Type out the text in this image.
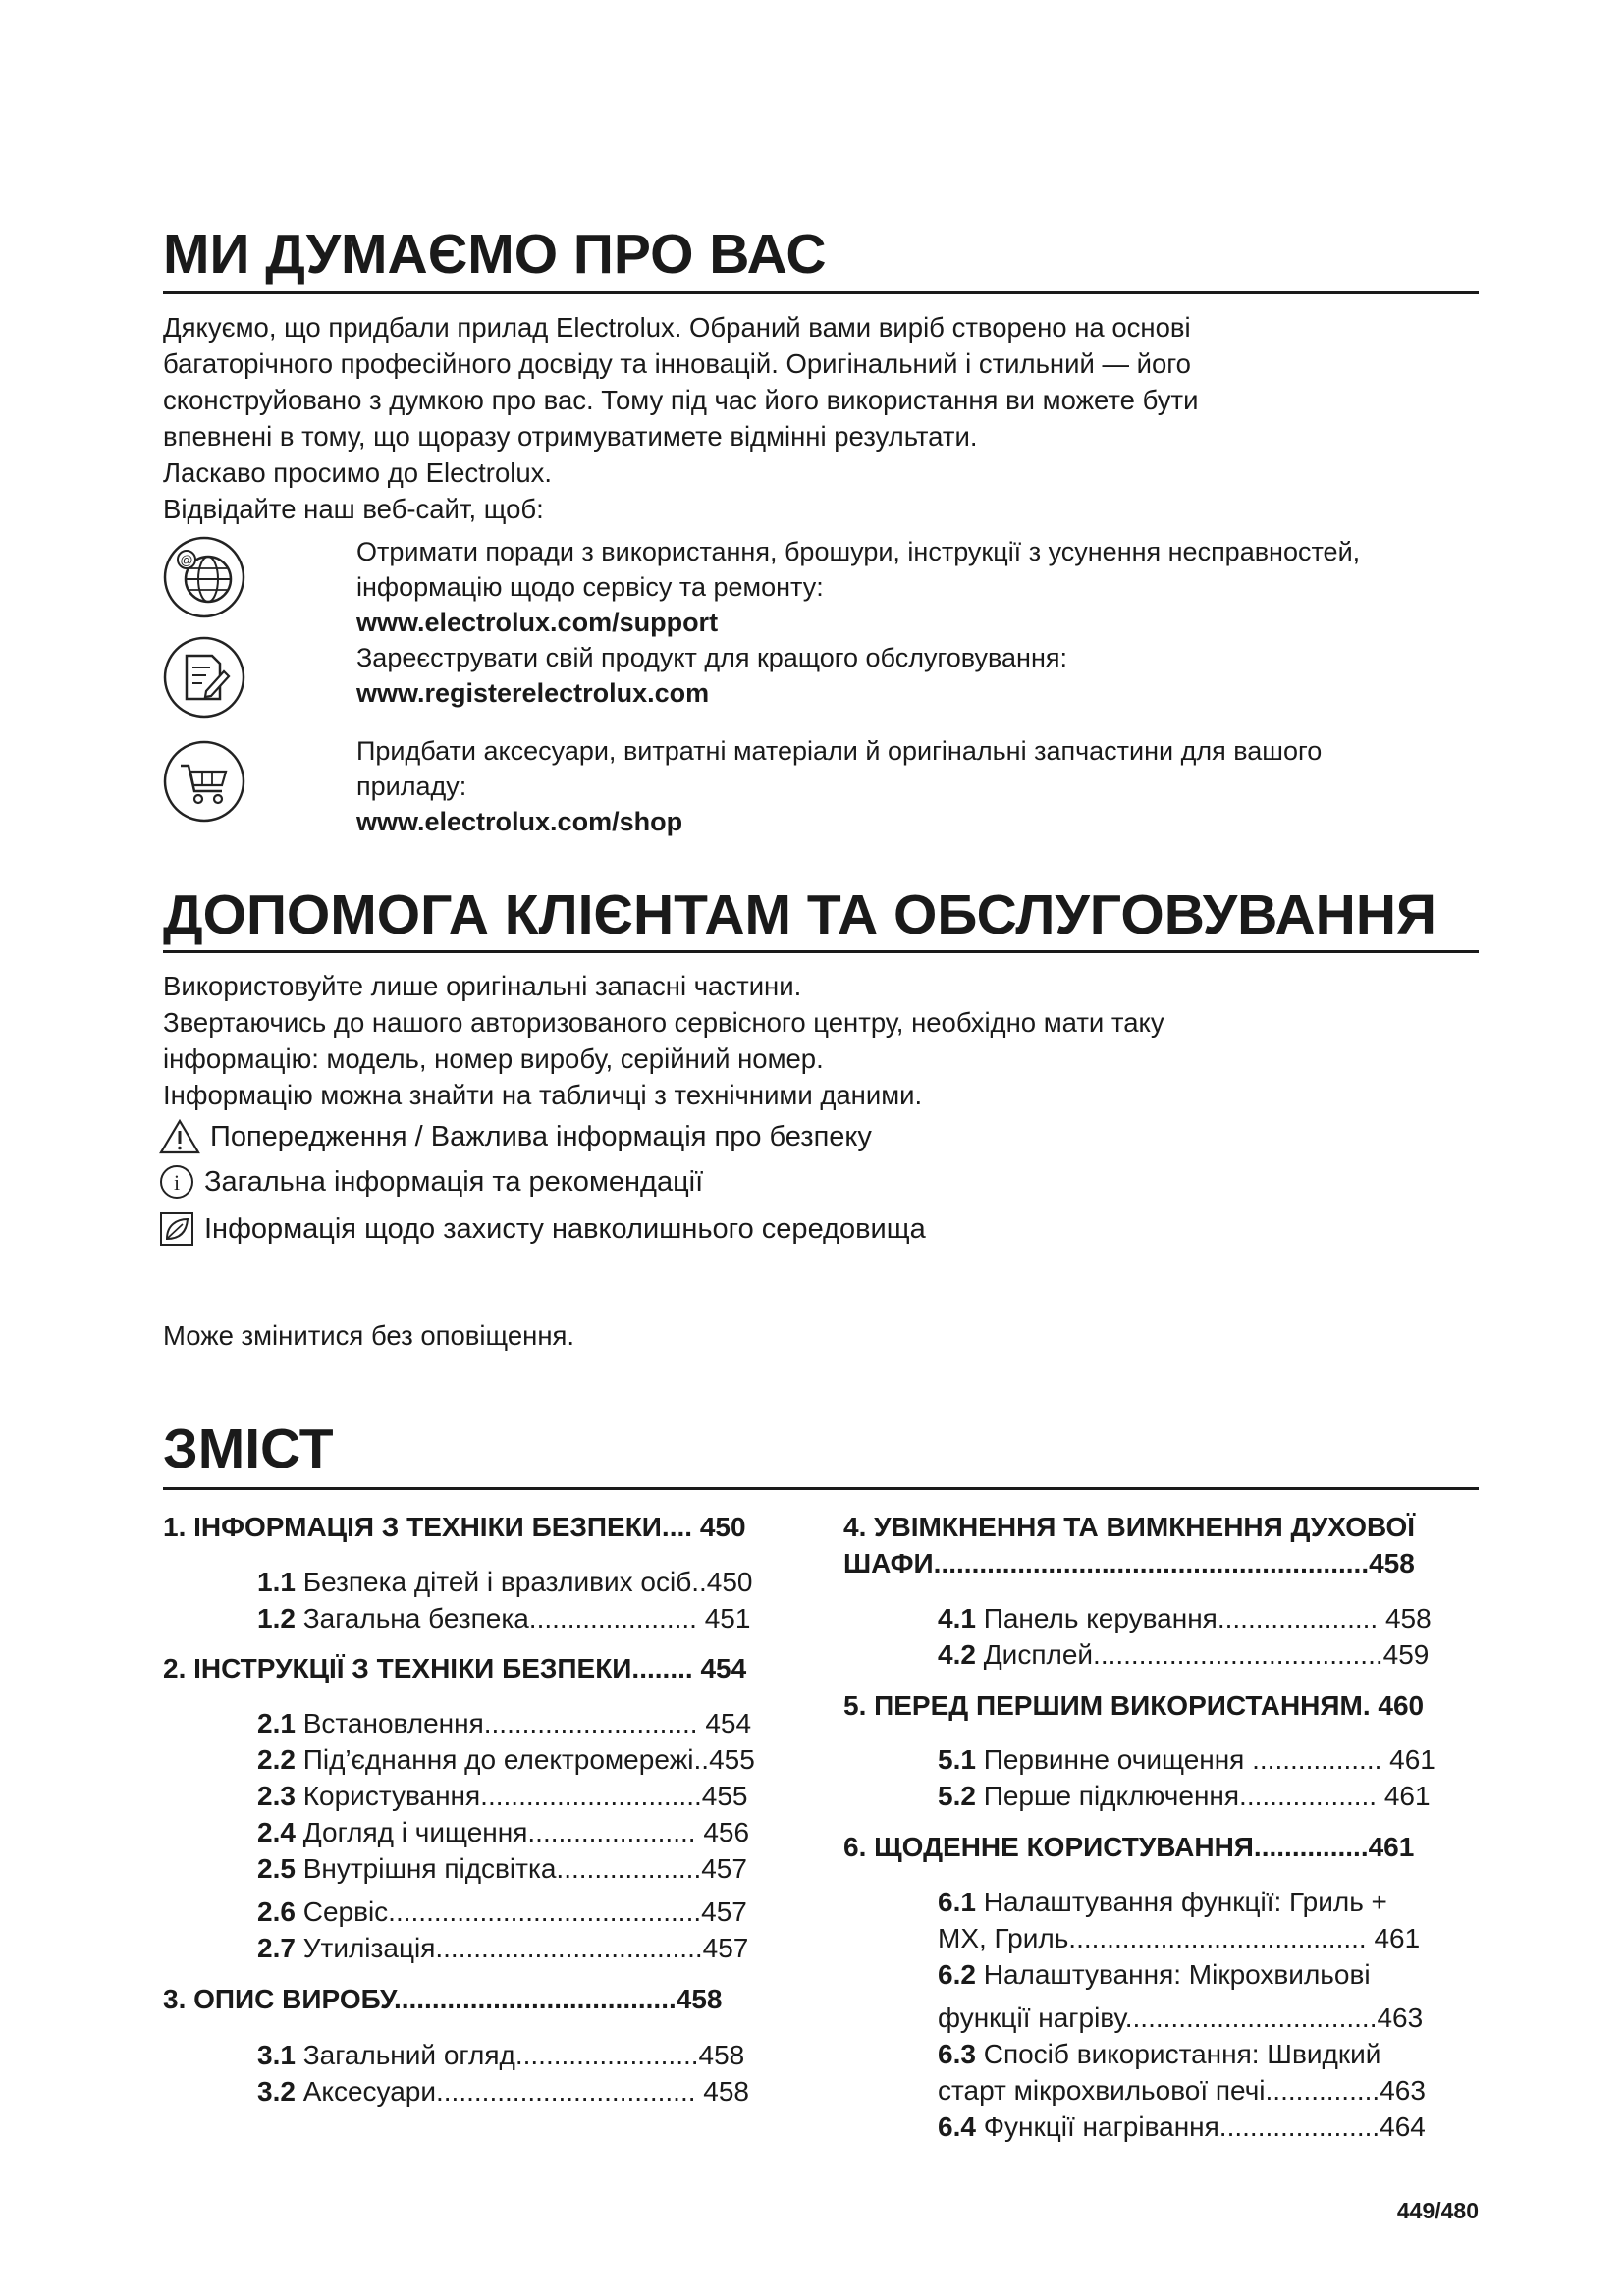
МИ ДУМАЄМО ПРО ВАС
Дякуємо, що придбали прилад Electrolux. Обраний вами виріб створено на основі
багаторічного професійного досвіду та інновацій. Оригінальний і стильний — його
сконструйовано з думкою про вас. Тому під час його використання ви можете бути
впевнені в тому, що щоразу отримуватимете відмінні результати.
Ласкаво просимо до Electrolux.
Відвідайте наш веб-сайт, щоб:
@	Отримати поради з використання, брошури, інструкції з усунення несправностей,
інформацію щодо сервісу та ремонту:
www.electrolux.com/support
Зареєструвати свій продукт для кращого обслуговування:
www.registerelectrolux.com
Придбати аксесуари, витратні матеріали й оригінальні запчастини для вашого
приладу:
www.electrolux.com/shop
ДОПОМОГА КЛІЄНТАМ ТА ОБСЛУГОВУВАННЯ
Використовуйте лише оригінальні запасні частини.
Звертаючись до нашого авторизованого сервісного центру, необхідно мати таку
інформацію: модель, номер виробу, серійний номер.
Інформацію можна знайти на табличці з технічними даними.
Попередження / Важлива інформація про безпеку
i Загальна інформація та рекомендації
Інформація щодо захисту навколишнього середовища
Може змінитися без оповіщення.
ЗМІСТ
1. ІНФОРМАЦІЯ З ТЕХНІКИ БЕЗПЕКИ.... 450
1.1 Безпека дітей і вразливих осіб..450
1.2 Загальна безпека...................... 451
2. ІНСТРУКЦІЇ З ТЕХНІКИ БЕЗПЕКИ........ 454
2.1 Встановлення............................ 454
2.2 Під’єднання до електромережі..455
2.3 Користування.............................455
2.4 Догляд і чищення...................... 456
2.5 Внутрішня підсвітка...................457
2.6 Сервіс.........................................457
2.7 Утилізація...................................457
3. ОПИС ВИРОБУ.....................................458
3.1 Загальний огляд........................458
3.2 Аксесуари.................................. 458
4. УВІМКНЕННЯ ТА ВИМКНЕННЯ ДУХОВОЇ
ШАФИ.........................................................458
4.1 Панель керування..................... 458
4.2 Дисплей......................................459
5. ПЕРЕД ПЕРШИМ ВИКОРИСТАННЯМ. 460
5.1 Первинне очищення ................. 461
5.2 Перше підключення.................. 461
6. ЩОДЕННЕ КОРИСТУВАННЯ...............461
6.1 Налаштування функції: Гриль +
МХ, Гриль....................................... 461
6.2 Налаштування: Мікрохвильові
функції нагріву.................................463
6.3 Спосіб використання: Швидкий
старт мікрохвильової печі...............463
6.4 Функції нагрівання.....................464
449/480
